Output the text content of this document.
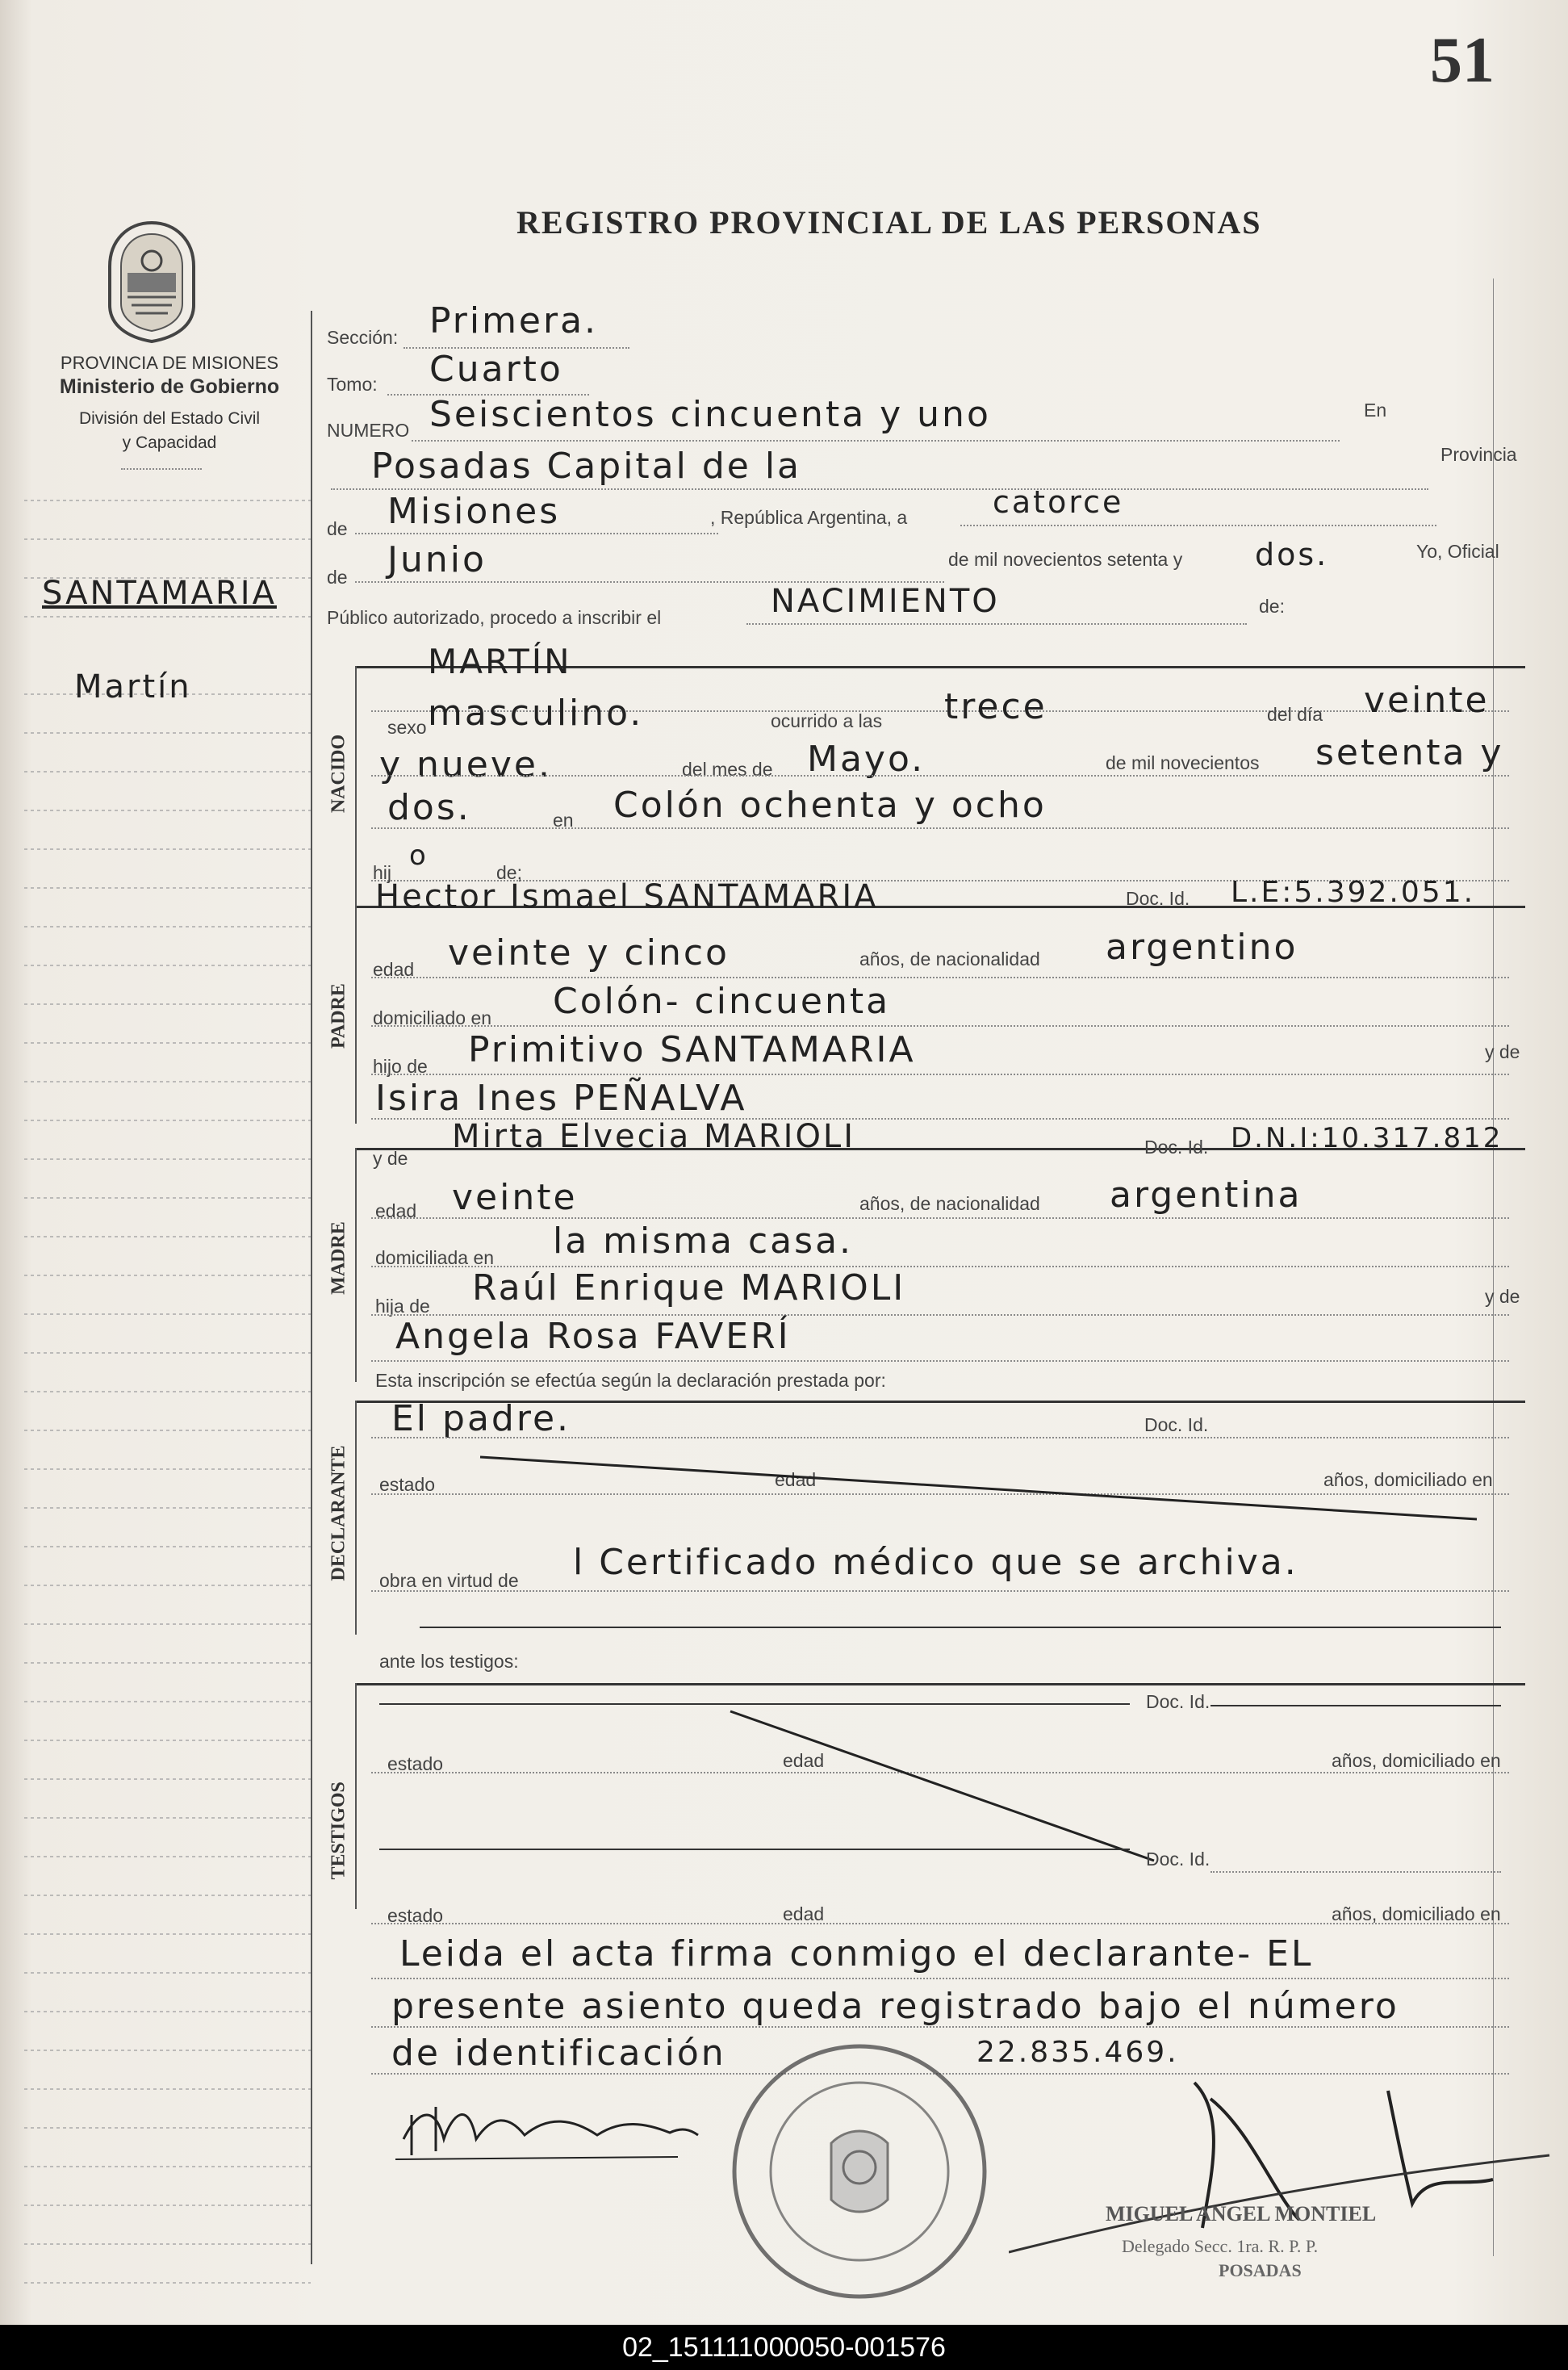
51
REGISTRO PROVINCIAL DE LAS PERSONAS
PROVINCIA DE MISIONES
Ministerio de Gobierno
División del Estado Civil
y Capacidad
SANTAMARIA
Martín
Sección: Primera.
Tomo: Cuarto
NUMERO Seiscientos cincuenta y uno	En
Posadas Capital de la	Provincia
de Misiones	, República Argentina, a	catorce
de Junio	de mil novecientos setenta y dos.	Yo, Oficial
Público autorizado, procedo a inscribir el	NACIMIENTO	de:
NACIDO
MARTÍN
sexo masculino.	ocurrido a las trece	del día veinte
y nueve.	del mes de Mayo.	de mil novecientos setenta y
dos.	en Colón ochenta y ocho
hij
o
de;
PADRE
Hector Ismael SANTAMARIA	Doc. Id. L.E:5.392.051.
edad veinte y cinco	años, de nacionalidad argentino
domiciliado en Colón- cincuenta
hijo de Primitivo SANTAMARIA	y de
Isira Ines PEÑALVA
MADRE
y de
Mirta Elvecia MARIOLI	Doc. Id. D.N.I:10.317.812
edad veinte	años, de nacionalidad argentina
domiciliada en la misma casa.
hija de Raúl Enrique MARIOLI	y de
Angela Rosa FAVERÍ
Esta inscripción se efectúa según la declaración prestada por:
DECLARANTE
El padre.	Doc. Id.
estado	edad	años, domiciliado en
obra en virtud de l Certificado médico que se archiva.
ante los testigos:
TESTIGOS
Doc. Id.
estado	edad	años, domiciliado en
Doc. Id.
estado	edad	años, domiciliado en
Leida el acta firma conmigo el declarante- EL
presente asiento queda registrado bajo el número
de identificación	22.835.469.
MIGUEL ANGEL MONTIEL
Delegado Secc. 1ra. R. P. P.
POSADAS
02_151111000050-001576
